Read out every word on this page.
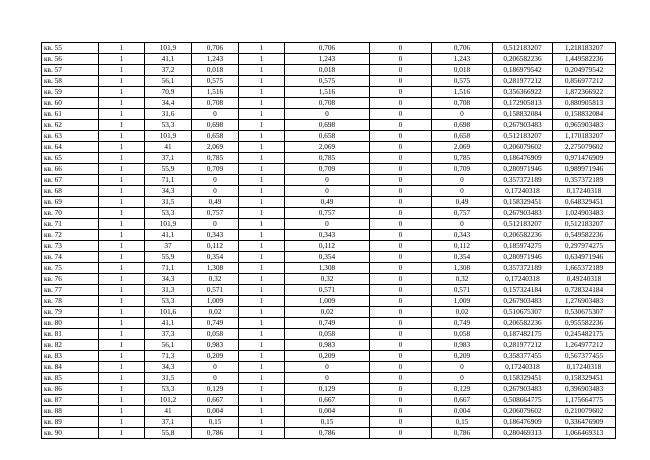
кв. 55	1	101,9	0,706	1	0,706	0	0,706	0,512183207	1,218183207
кв. 56	1	41,1	1,243	1	1,243	0	1,243	0,206582236	1,449582236
кв. 57	1	37,2	0,018	1	0,018	0	0,018	0,186979542	0,204979542
кв. 58	1	56,1	0,575	1	0,575	0	0,575	0,281977212	0,856977212
кв. 59	1	70,9	1,516	1	1,516	0	1,516	0,356366922	1,872366922
кв. 60	1	34,4	0,708	1	0,708	0	0,708	0,172905813	0,880905813
кв. 61	1	31,6	0	1	0	0	0	0,158832084	0,158832084
кв. 62	1	53,3	0,698	1	0,698	0	0,698	0,267903483	0,965903483
кв. 63	1	101,9	0,658	1	0,658	0	0,658	0,512183207	1,170183207
кв. 64	1	41	2,069	1	2,069	0	2,069	0,206079602	2,275079602
кв. 65	1	37,1	0,785	1	0,785	0	0,785	0,186476909	0,971476909
кв. 66	1	55,9	0,709	1	0,709	0	0,709	0,280971946	0,989971946
кв. 67	1	71,1	0	1	0	0	0	0,357372189	0,357372189
кв. 68	1	34,3	0	1	0	0	0	0,17240318	0,17240318
кв. 69	1	31,5	0,49	1	0,49	0	0,49	0,158329451	0,648329451
кв. 70	1	53,3	0,757	1	0,757	0	0,757	0,267903483	1,024903483
кв. 71	1	101,9	0	1	0	0	0	0,512183207	0,512183207
кв. 72	1	41,1	0,343	1	0,343	0	0,343	0,206582236	0,549582236
кв. 73	1	37	0,112	1	0,112	0	0,112	0,185974275	0,297974275
кв. 74	1	55,9	0,354	1	0,354	0	0,354	0,280971946	0,634971946
кв. 75	1	71,1	1,308	1	1,308	0	1,308	0,357372189	1,665372189
кв. 76	1	34,3	0,32	1	0,32	0	0,32	0,17240318	0,49240318
кв. 77	1	31,3	0,571	1	0,571	0	0,571	0,157324184	0,728324184
кв. 78	1	53,3	1,009	1	1,009	0	1,009	0,267903483	1,276903483
кв. 79	1	101,6	0,02	1	0,02	0	0,02	0,510675307	0,530675307
кв. 80	1	41,1	0,749	1	0,749	0	0,749	0,206582236	0,955582236
кв. 81	1	37,3	0,058	1	0,058	0	0,058	0,187482175	0,245482175
кв. 82	1	56,1	0,983	1	0,983	0	0,983	0,281977212	1,264977212
кв. 83	1	71,3	0,209	1	0,209	0	0,209	0,358377455	0,567377455
кв. 84	1	34,3	0	1	0	0	0	0,17240318	0,17240318
кв. 85	1	31,5	0	1	0	0	0	0,158329451	0,158329451
кв. 86	1	53,3	0,129	1	0,129	0	0,129	0,267903483	0,396903483
кв. 87	1	101,2	0,667	1	0,667	0	0,667	0,508664775	1,175664775
кв. 88	1	41	0,004	1	0,004	0	0,004	0,206079602	0,210079602
кв. 89	1	37,1	0,15	1	0,15	0	0,15	0,186476909	0,336476909
кв. 90	1	55,8	0,786	1	0,786	0	0,786	0,280469313	1,066469313
